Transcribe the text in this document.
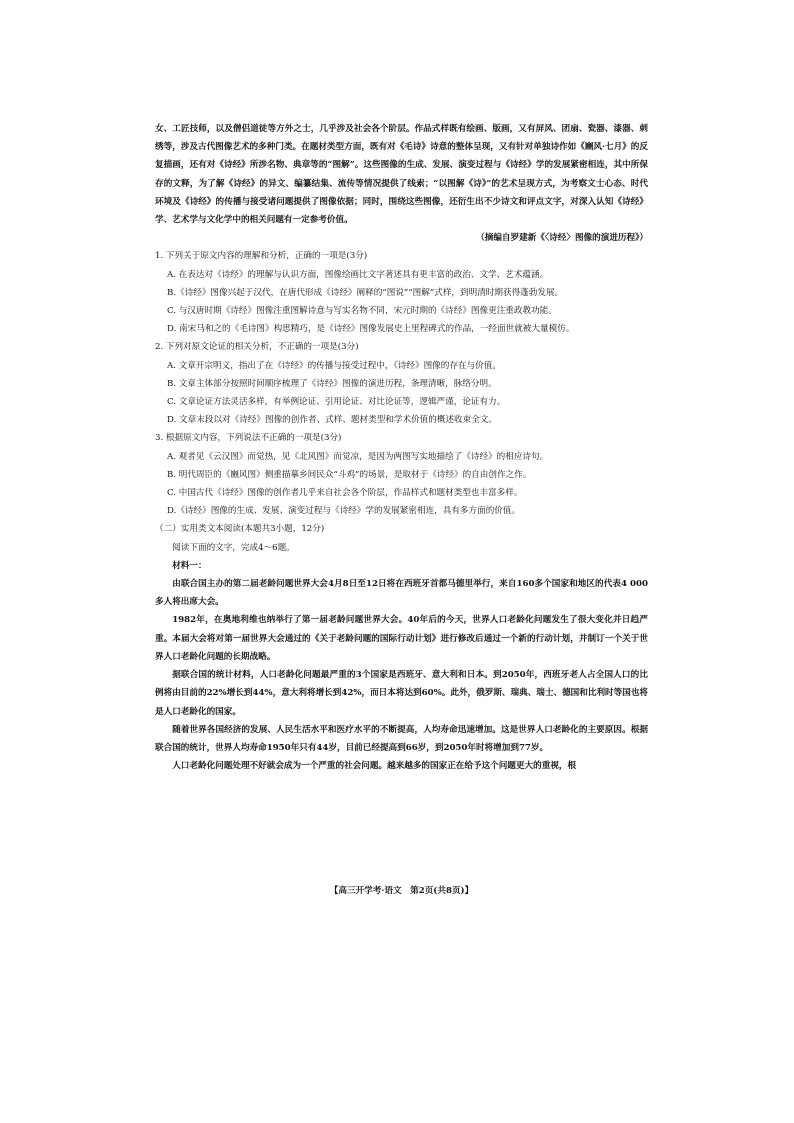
女、工匠技师，以及僧侣道徒等方外之士，几乎涉及社会各个阶层。作品式样既有绘画、版画，又有屏风、团扇、瓷器、漆器、刺绣等，涉及古代图像艺术的多种门类。在题材类型方面，既有对《毛诗》诗意的整体呈现，又有针对单独诗作如《豳风·七月》的反复描画，还有对《诗经》所涉名物、典章等的“图解”。这些图像的生成、发展、演变过程与《诗经》学的发展紧密相连，其中所保存的文释，为了解《诗经》的异文、编纂结集、流传等情况提供了线索；“以图解《诗》”的艺术呈现方式，为考察文士心态、时代环境及《诗经》的传播与接受诸问题提供了图像依据；同时，围绕这些图像，还衍生出不少诗文和评点文字，对深入认知《诗经》学、艺术学与文化学中的相关问题有一定参考价值。

（摘编自罗建新《〈诗经〉图像的演进历程》）

1. 下列关于原文内容的理解和分析，正确的一项是(3分)

A. 在表达对《诗经》的理解与认识方面，图像绘画比文字著述具有更丰富的政治、文学、艺术蕴涵。

B.《诗经》图像兴起于汉代，在唐代形成《诗经》阐释的“图说”“图解”式样，到明清时期获得蓬勃发展。

C. 与汉唐时期《诗经》图像注重图解诗意与写实名物不同，宋元时期的《诗经》图像更注重政教功能。

D. 南宋马和之的《毛诗图》构思精巧，是《诗经》图像发展史上里程碑式的作品，一经面世就被大量模仿。

2. 下列对原文论证的相关分析，不正确的一项是(3分)

A. 文章开宗明义，指出了在《诗经》的传播与接受过程中，《诗经》图像的存在与价值。

B. 文章主体部分按照时间顺序梳理了《诗经》图像的演进历程，条理清晰，脉络分明。

C. 文章论证方法灵活多样，有举例论证、引用论证、对比论证等，逻辑严谨，论证有力。

D. 文章末段以对《诗经》图像的创作者、式样、题材类型和学术价值的概述收束全文。

3. 根据原文内容，下列说法不正确的一项是(3分)

A. 观者见《云汉图》而觉热，见《北风图》而觉凉，是因为两图写实地描绘了《诗经》的相应诗句。

B. 明代周臣的《豳风图》侧重描摹乡间民众“斗鸡”的场景，是取材于《诗经》的自由创作之作。

C. 中国古代《诗经》图像的创作者几乎来自社会各个阶层，作品样式和题材类型也丰富多样。

D.《诗经》图像的生成、发展、演变过程与《诗经》学的发展紧密相连，具有多方面的价值。

（二）实用类文本阅读(本题共3小题，12分)

阅读下面的文字，完成4～6题。

材料一：

由联合国主办的第二届老龄问题世界大会4月8日至12日将在西班牙首都马德里举行，来自160多个国家和地区的代表4 000多人将出席大会。

1982年，在奥地利维也纳举行了第一届老龄问题世界大会。40年后的今天，世界人口老龄化问题发生了很大变化并日趋严重。本届大会将对第一届世界大会通过的《关于老龄问题的国际行动计划》进行修改后通过一个新的行动计划，并制订一个关于世界人口老龄化问题的长期战略。

据联合国的统计材料，人口老龄化问题最严重的3个国家是西班牙、意大利和日本。到2050年，西班牙老人占全国人口的比例将由目前的22%增长到44%，意大利将增长到42%，而日本将达到60%。此外，俄罗斯、瑞典、瑞士、德国和比利时等国也将是人口老龄化的国家。

随着世界各国经济的发展、人民生活水平和医疗水平的不断提高，人均寿命迅速增加。这是世界人口老龄化的主要原因。根据联合国的统计，世界人均寿命1950年只有44岁，目前已经提高到66岁，到2050年时将增加到77岁。

人口老龄化问题处理不好就会成为一个严重的社会问题。越来越多的国家正在给予这个问题更大的重视，根

【高三开学考·语文　第2页(共8页)】
